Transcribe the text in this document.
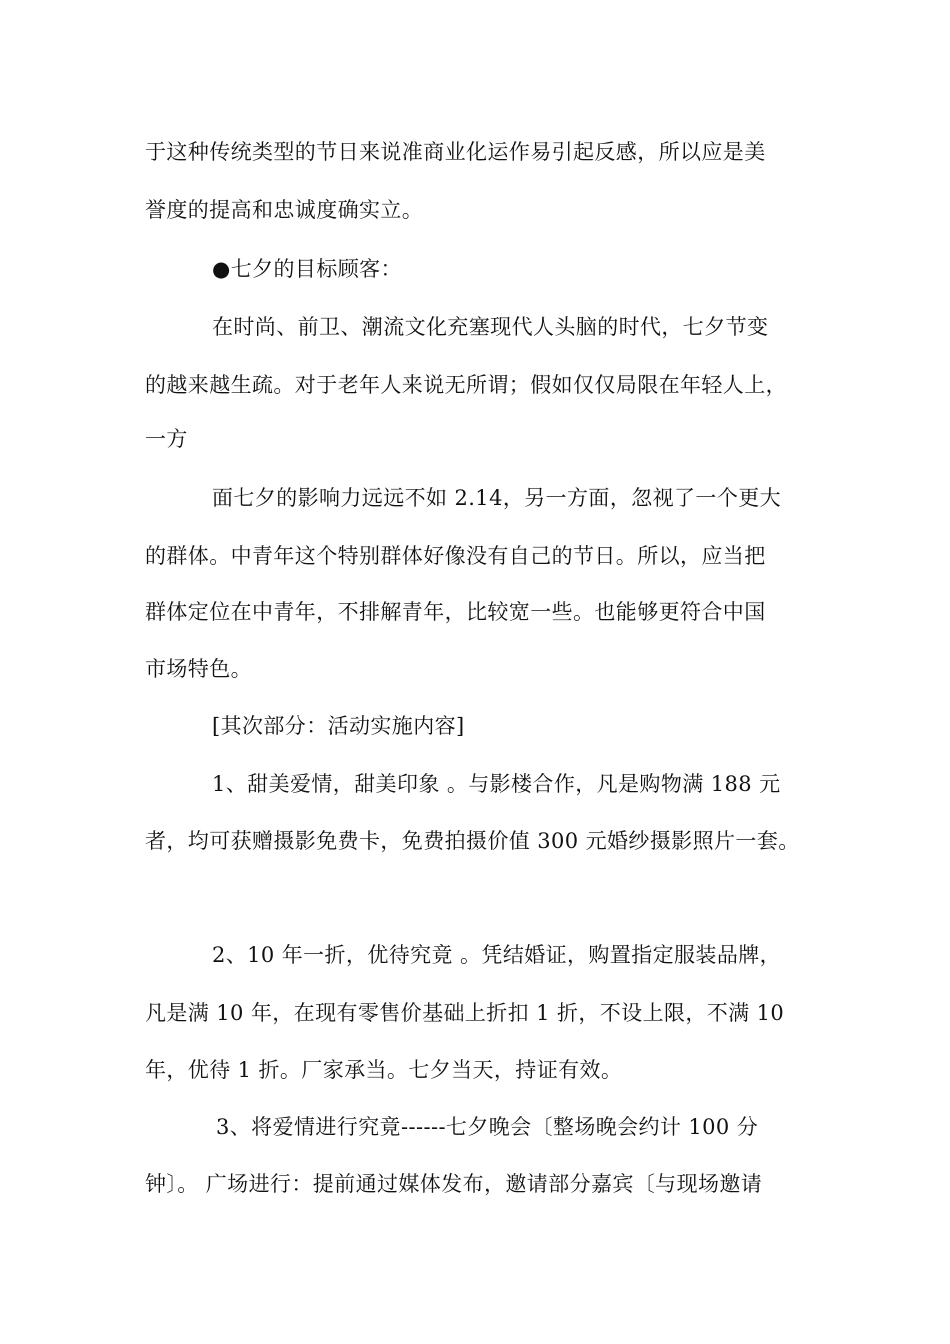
于这种传统类型的节日来说准商业化运作易引起反感，所以应是美

誉度的提高和忠诚度确实立。

●七夕的目标顾客：

在时尚、前卫、潮流文化充塞现代人头脑的时代，七夕节变

的越来越生疏。对于老年人来说无所谓；假如仅仅局限在年轻人上，

一方

面七夕的影响力远远不如 2.14，另一方面，忽视了一个更大

的群体。中青年这个特别群体好像没有自己的节日。所以，应当把

群体定位在中青年，不排解青年，比较宽一些。也能够更符合中国

市场特色。

[其次部分：活动实施内容]

1、甜美爱情，甜美印象 。与影楼合作，凡是购物满 188 元

者，均可获赠摄影免费卡，免费拍摄价值 300 元婚纱摄影照片一套。

2、10 年一折，优待究竟 。凭结婚证，购置指定服装品牌，

凡是满 10 年，在现有零售价基础上折扣 1 折，不设上限，不满 10

年，优待 1 折。厂家承当。七夕当天，持证有效。

3、将爱情进行究竟------七夕晚会〔整场晚会约计 100 分

钟〕。 广场进行：提前通过媒体发布，邀请部分嘉宾〔与现场邀请
